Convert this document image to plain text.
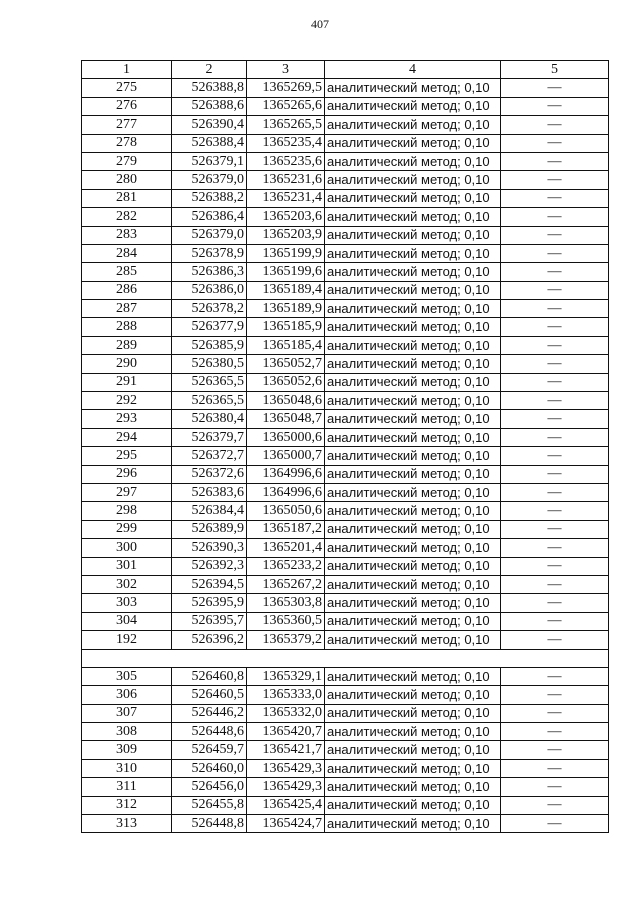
407
1	2	3	4	5
275	526388,8	1365269,5	аналитический метод; 0,10	—
276	526388,6	1365265,6	аналитический метод; 0,10	—
277	526390,4	1365265,5	аналитический метод; 0,10	—
278	526388,4	1365235,4	аналитический метод; 0,10	—
279	526379,1	1365235,6	аналитический метод; 0,10	—
280	526379,0	1365231,6	аналитический метод; 0,10	—
281	526388,2	1365231,4	аналитический метод; 0,10	—
282	526386,4	1365203,6	аналитический метод; 0,10	—
283	526379,0	1365203,9	аналитический метод; 0,10	—
284	526378,9	1365199,9	аналитический метод; 0,10	—
285	526386,3	1365199,6	аналитический метод; 0,10	—
286	526386,0	1365189,4	аналитический метод; 0,10	—
287	526378,2	1365189,9	аналитический метод; 0,10	—
288	526377,9	1365185,9	аналитический метод; 0,10	—
289	526385,9	1365185,4	аналитический метод; 0,10	—
290	526380,5	1365052,7	аналитический метод; 0,10	—
291	526365,5	1365052,6	аналитический метод; 0,10	—
292	526365,5	1365048,6	аналитический метод; 0,10	—
293	526380,4	1365048,7	аналитический метод; 0,10	—
294	526379,7	1365000,6	аналитический метод; 0,10	—
295	526372,7	1365000,7	аналитический метод; 0,10	—
296	526372,6	1364996,6	аналитический метод; 0,10	—
297	526383,6	1364996,6	аналитический метод; 0,10	—
298	526384,4	1365050,6	аналитический метод; 0,10	—
299	526389,9	1365187,2	аналитический метод; 0,10	—
300	526390,3	1365201,4	аналитический метод; 0,10	—
301	526392,3	1365233,2	аналитический метод; 0,10	—
302	526394,5	1365267,2	аналитический метод; 0,10	—
303	526395,9	1365303,8	аналитический метод; 0,10	—
304	526395,7	1365360,5	аналитический метод; 0,10	—
192	526396,2	1365379,2	аналитический метод; 0,10	—

305	526460,8	1365329,1	аналитический метод; 0,10	—
306	526460,5	1365333,0	аналитический метод; 0,10	—
307	526446,2	1365332,0	аналитический метод; 0,10	—
308	526448,6	1365420,7	аналитический метод; 0,10	—
309	526459,7	1365421,7	аналитический метод; 0,10	—
310	526460,0	1365429,3	аналитический метод; 0,10	—
311	526456,0	1365429,3	аналитический метод; 0,10	—
312	526455,8	1365425,4	аналитический метод; 0,10	—
313	526448,8	1365424,7	аналитический метод; 0,10	—
